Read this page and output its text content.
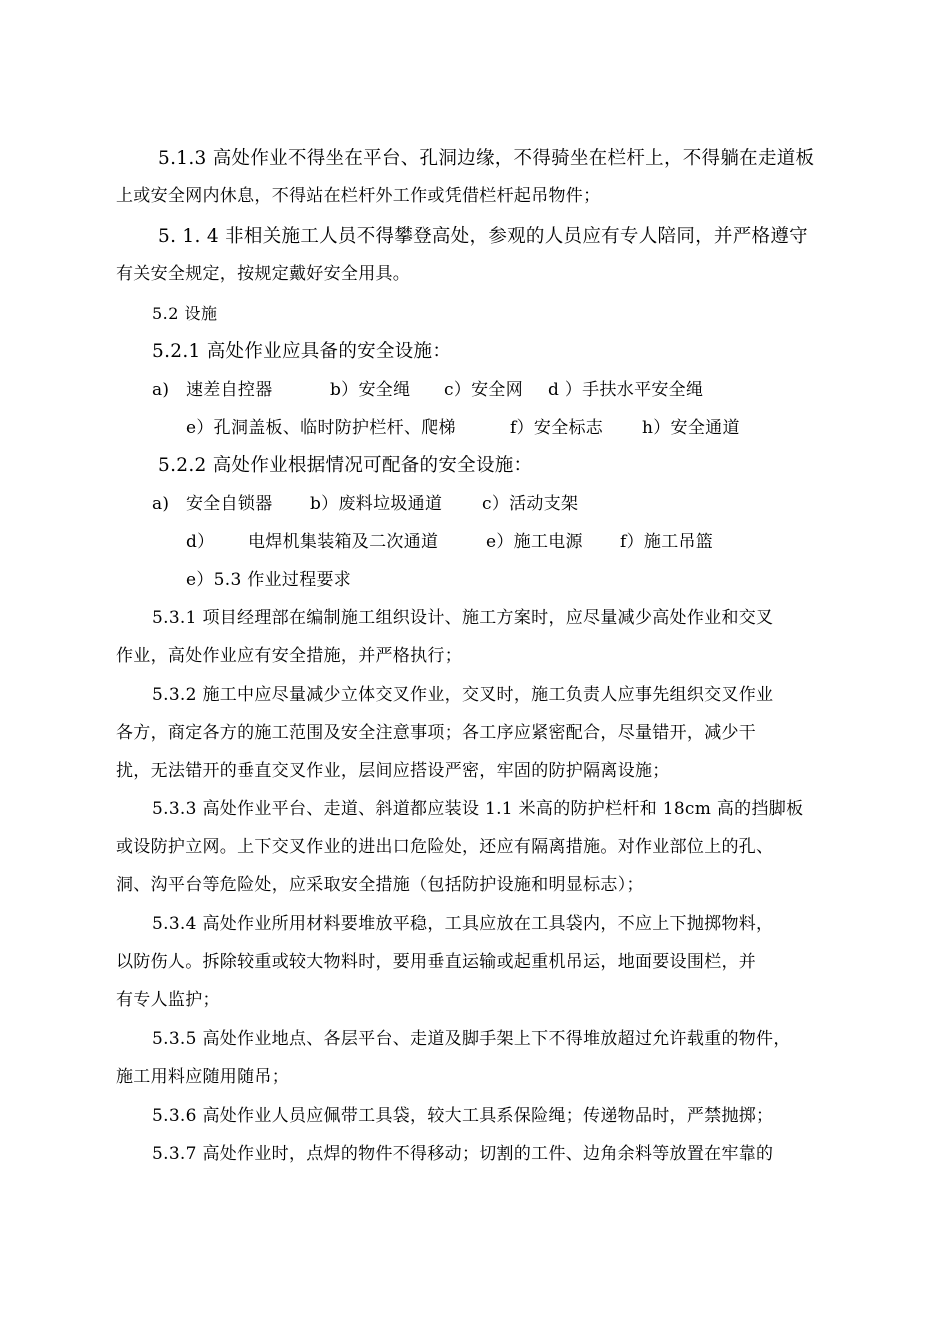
5.1.3 高处作业不得坐在平台、孔洞边缘，不得骑坐在栏杆上，不得躺在走道板
上或安全网内休息，不得站在栏杆外工作或凭借栏杆起吊物件；
5. 1. 4 非相关施工人员不得攀登高处，参观的人员应有专人陪同，并严格遵守
有关安全规定，按规定戴好安全用具。
5.2 设施
5.2.1 高处作业应具备的安全设施：
a) 速差自控器	b）安全绳 c）安全网 d ）手扶水平安全绳
e）孔洞盖板、临时防护栏杆、爬梯	f）安全标志 h）安全通道
5.2.2 高处作业根据情况可配备的安全设施：
a) 安全自锁器 b）废料垃圾通道 c）活动支架
d） 电焊机集装箱及二次通道	e）施工电源 f）施工吊篮
e）5.3 作业过程要求
5.3.1 项目经理部在编制施工组织设计、施工方案时，应尽量减少高处作业和交叉
作业，高处作业应有安全措施，并严格执行；
5.3.2 施工中应尽量减少立体交叉作业，交叉时，施工负责人应事先组织交叉作业
各方，商定各方的施工范围及安全注意事项；各工序应紧密配合，尽量错开，减少干
扰，无法错开的垂直交叉作业，层间应搭设严密，牢固的防护隔离设施；
5.3.3 高处作业平台、走道、斜道都应装设 1.1 米高的防护栏杆和 18cm 高的挡脚板
或设防护立网。上下交叉作业的进出口危险处，还应有隔离措施。对作业部位上的孔、
洞、沟平台等危险处，应采取安全措施（包括防护设施和明显标志）；
5.3.4 高处作业所用材料要堆放平稳，工具应放在工具袋内，不应上下抛掷物料，
以防伤人。拆除较重或较大物料时，要用垂直运输或起重机吊运，地面要设围栏，并
有专人监护；
5.3.5 高处作业地点、各层平台、走道及脚手架上下不得堆放超过允许载重的物件，
施工用料应随用随吊；
5.3.6 高处作业人员应佩带工具袋，较大工具系保险绳；传递物品时，严禁抛掷；
5.3.7 高处作业时，点焊的物件不得移动；切割的工件、边角余料等放置在牢靠的
